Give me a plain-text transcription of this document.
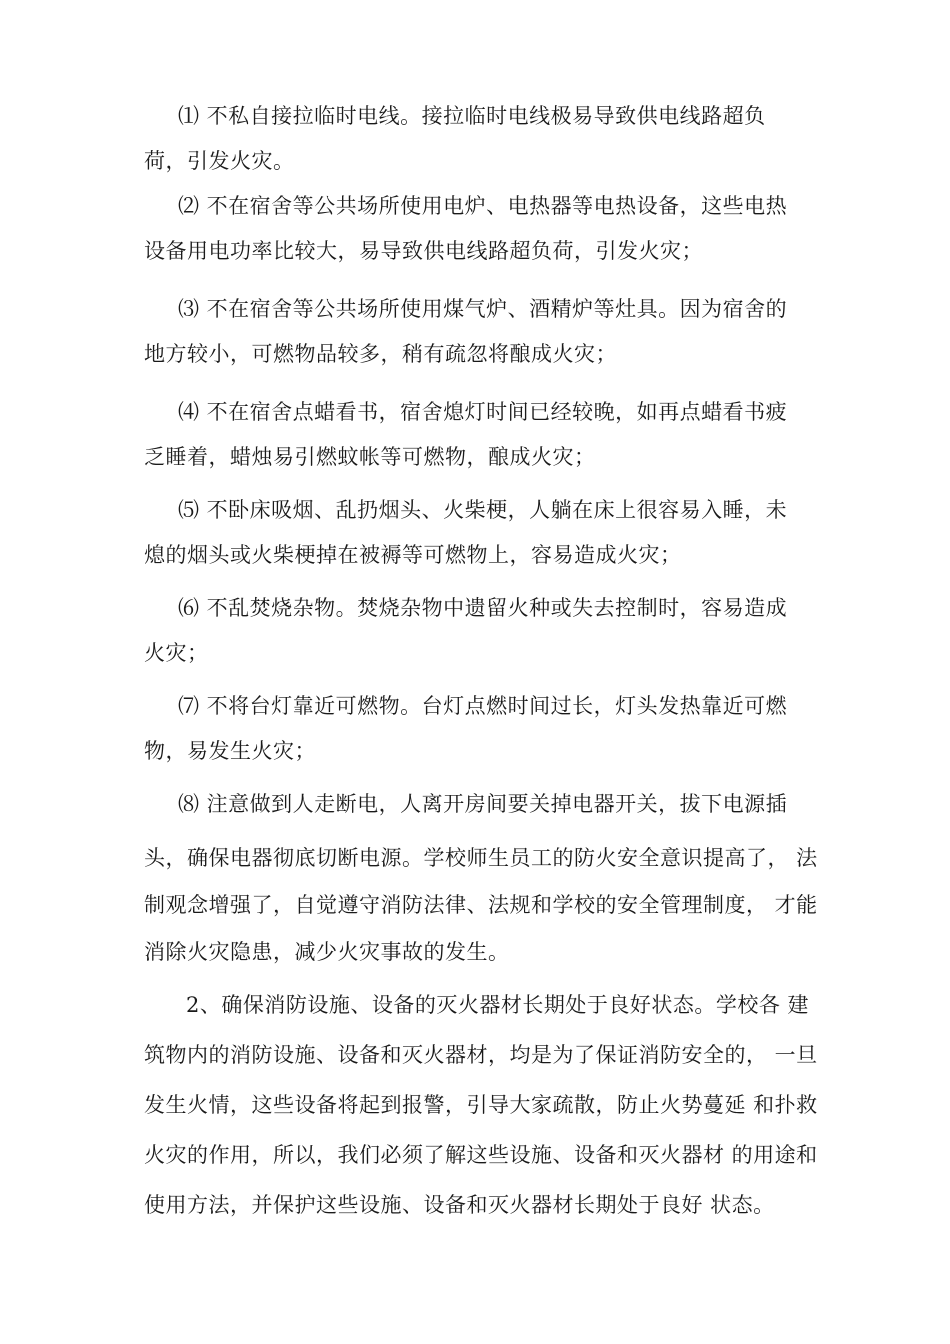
⑴ 不私自接拉临时电线。接拉临时电线极易导致供电线路超负
荷，引发火灾。
⑵ 不在宿舍等公共场所使用电炉、电热器等电热设备，这些电热
设备用电功率比较大，易导致供电线路超负荷，引发火灾；
⑶ 不在宿舍等公共场所使用煤气炉、酒精炉等灶具。因为宿舍的
地方较小，可燃物品较多，稍有疏忽将酿成火灾；
⑷ 不在宿舍点蜡看书，宿舍熄灯时间已经较晚，如再点蜡看书疲
乏睡着，蜡烛易引燃蚊帐等可燃物，酿成火灾；
⑸ 不卧床吸烟、乱扔烟头、火柴梗，人躺在床上很容易入睡，未
熄的烟头或火柴梗掉在被褥等可燃物上，容易造成火灾；
⑹ 不乱焚烧杂物。焚烧杂物中遗留火种或失去控制时，容易造成
火灾；
⑺ 不将台灯靠近可燃物。台灯点燃时间过长，灯头发热靠近可燃
物，易发生火灾；
⑻ 注意做到人走断电，人离开房间要关掉电器开关，拔下电源插
头，确保电器彻底切断电源。学校师生员工的防火安全意识提高了， 法
制观念增强了，自觉遵守消防法律、法规和学校的安全管理制度， 才能
消除火灾隐患，减少火灾事故的发生。
2、确保消防设施、设备的灭火器材长期处于良好状态。学校各 建
筑物内的消防设施、设备和灭火器材，均是为了保证消防安全的， 一旦
发生火情，这些设备将起到报警，引导大家疏散，防止火势蔓延 和扑救
火灾的作用，所以，我们必须了解这些设施、设备和灭火器材 的用途和
使用方法，并保护这些设施、设备和灭火器材长期处于良好 状态。
